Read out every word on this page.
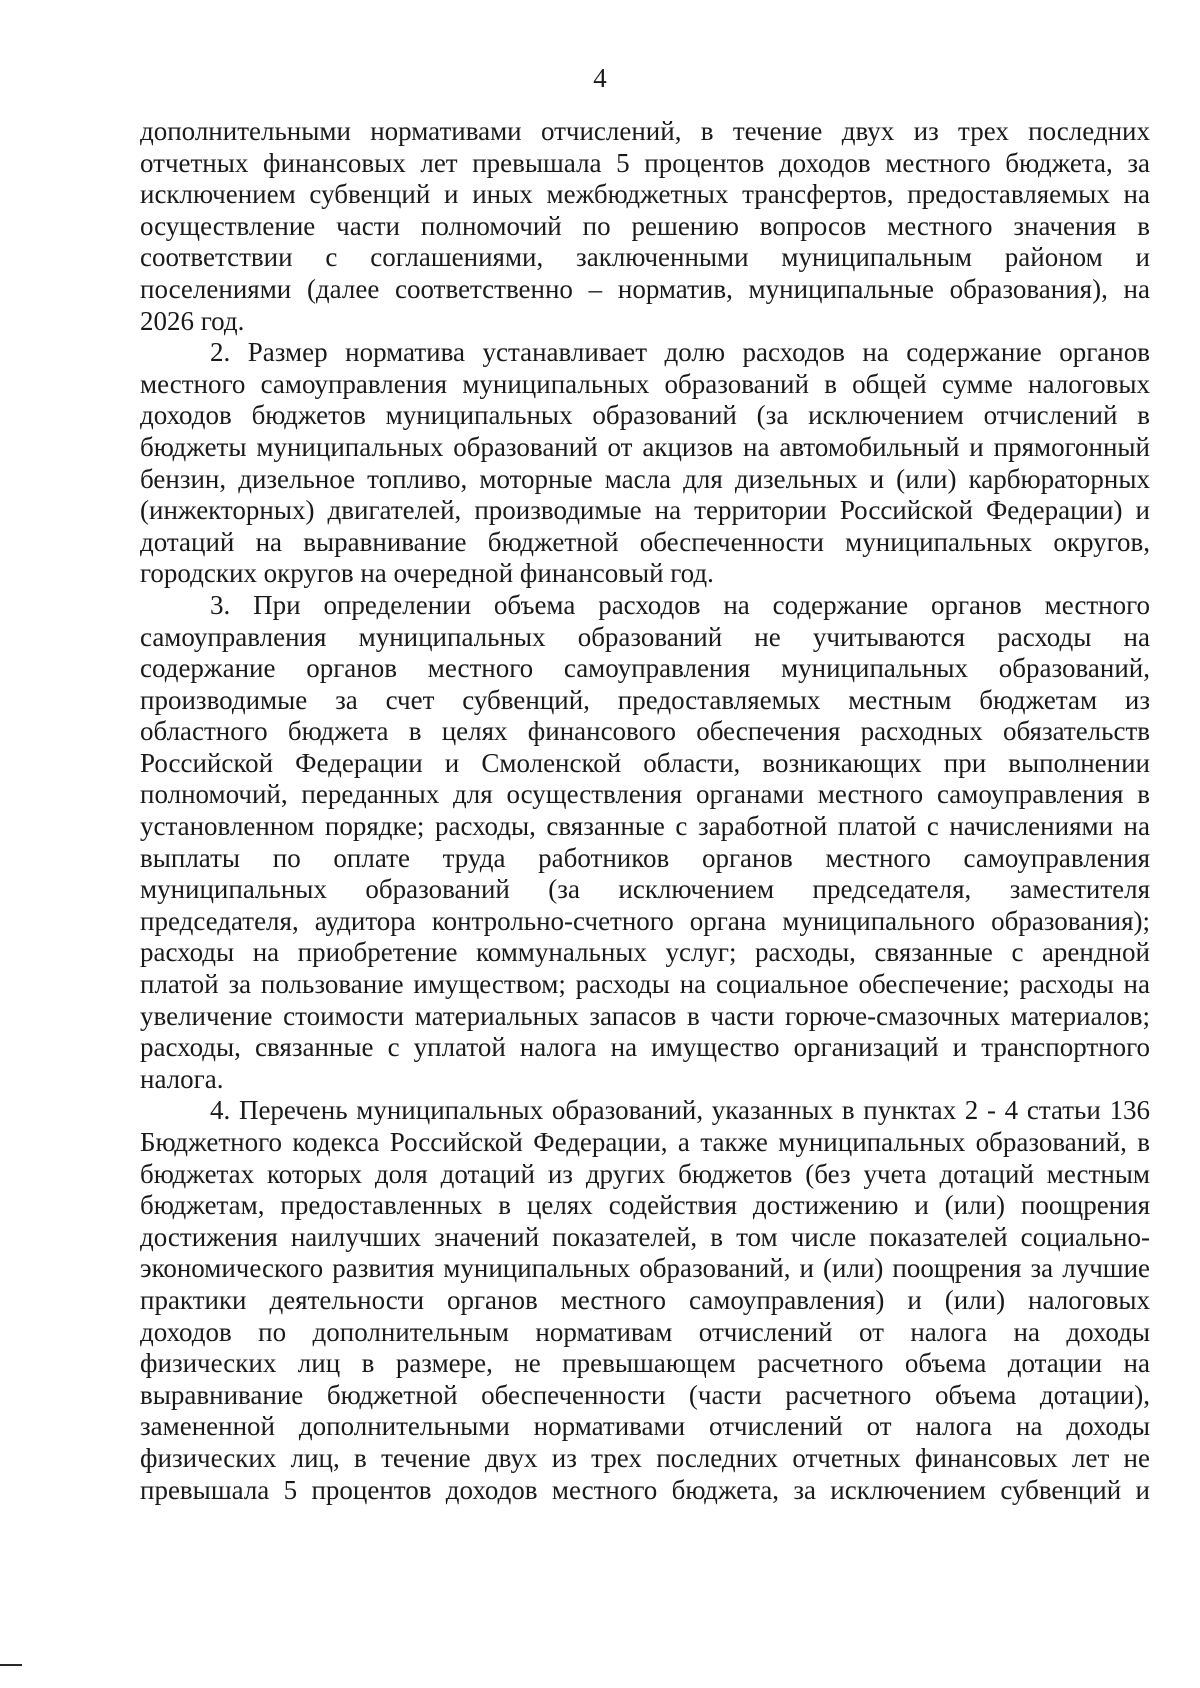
4
дополнительными нормативами отчислений, в течение двух из трех последних
отчетных финансовых лет превышала 5 процентов доходов местного бюджета, за
исключением субвенций и иных межбюджетных трансфертов, предоставляемых на
осуществление части полномочий по решению вопросов местного значения в
соответствии с соглашениями, заключенными муниципальным районом и
поселениями (далее соответственно – норматив, муниципальные образования), на
2026 год.
2. Размер норматива устанавливает долю расходов на содержание органов
местного самоуправления муниципальных образований в общей сумме налоговых
доходов бюджетов муниципальных образований (за исключением отчислений в
бюджеты муниципальных образований от акцизов на автомобильный и прямогонный
бензин, дизельное топливо, моторные масла для дизельных и (или) карбюраторных
(инжекторных) двигателей, производимые на территории Российской Федерации) и
дотаций на выравнивание бюджетной обеспеченности муниципальных округов,
городских округов на очередной финансовый год.
3. При определении объема расходов на содержание органов местного
самоуправления муниципальных образований не учитываются расходы на
содержание органов местного самоуправления муниципальных образований,
производимые за счет субвенций, предоставляемых местным бюджетам из
областного бюджета в целях финансового обеспечения расходных обязательств
Российской Федерации и Смоленской области, возникающих при выполнении
полномочий, переданных для осуществления органами местного самоуправления в
установленном порядке; расходы, связанные с заработной платой с начислениями на
выплаты по оплате труда работников органов местного самоуправления
муниципальных образований (за исключением председателя, заместителя
председателя, аудитора контрольно-счетного органа муниципального образования);
расходы на приобретение коммунальных услуг; расходы, связанные с арендной
платой за пользование имуществом; расходы на социальное обеспечение; расходы на
увеличение стоимости материальных запасов в части горюче-смазочных материалов;
расходы, связанные с уплатой налога на имущество организаций и транспортного
налога.
4. Перечень муниципальных образований, указанных в пунктах 2 - 4 статьи 136
Бюджетного кодекса Российской Федерации, а также муниципальных образований, в
бюджетах которых доля дотаций из других бюджетов (без учета дотаций местным
бюджетам, предоставленных в целях содействия достижению и (или) поощрения
достижения наилучших значений показателей, в том числе показателей социально-
экономического развития муниципальных образований, и (или) поощрения за лучшие
практики деятельности органов местного самоуправления) и (или) налоговых
доходов по дополнительным нормативам отчислений от налога на доходы
физических лиц в размере, не превышающем расчетного объема дотации на
выравнивание бюджетной обеспеченности (части расчетного объема дотации),
замененной дополнительными нормативами отчислений от налога на доходы
физических лиц, в течение двух из трех последних отчетных финансовых лет не
превышала 5 процентов доходов местного бюджета, за исключением субвенций и
